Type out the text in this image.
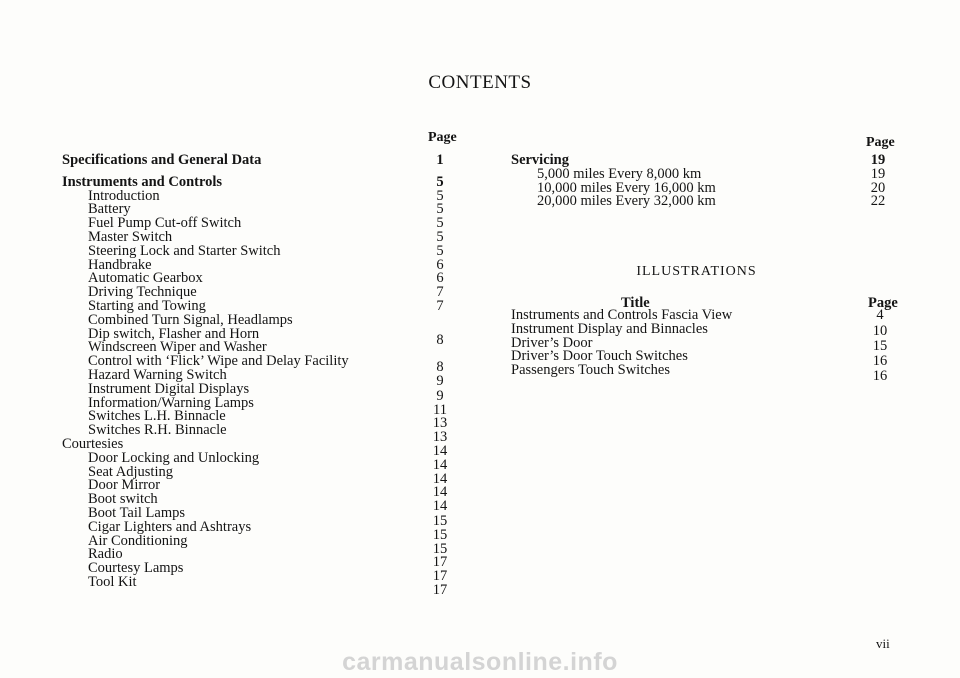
CONTENTS
Page	Page
Specifications and General Data	1
Instruments and Controls	5
Introduction	5
Battery	5
Fuel Pump Cut-off Switch	5
Master Switch	5
Steering Lock and Starter Switch	5
Handbrake	6
Automatic Gearbox	6
Driving Technique	7
Starting and Towing	7
Combined Turn Signal, Headlamps
Dip switch, Flasher and Horn	8
Windscreen Wiper and Washer
Control with ‘Flick’ Wipe and Delay Facility	8
Hazard Warning Switch	9
Instrument Digital Displays	9
Information/Warning Lamps	11
Switches L.H. Binnacle	13
Switches R.H. Binnacle	13
Courtesies	14
Door Locking and Unlocking	14
Seat Adjusting	14
Door Mirror	14
Boot switch	14
Boot Tail Lamps	15
Cigar Lighters and Ashtrays	15
Air Conditioning	15
Radio	17
Courtesy Lamps	17
Tool Kit	17
Servicing	19
5,000 miles Every 8,000 km	19
10,000 miles Every 16,000 km	20
20,000 miles Every 32,000 km	22
ILLUSTRATIONS
Title	Page
Instruments and Controls Fascia View	4
Instrument Display and Binnacles	10
Driver’s Door	15
Driver’s Door Touch Switches	16
Passengers Touch Switches	16
vii
carmanualsonline.info
